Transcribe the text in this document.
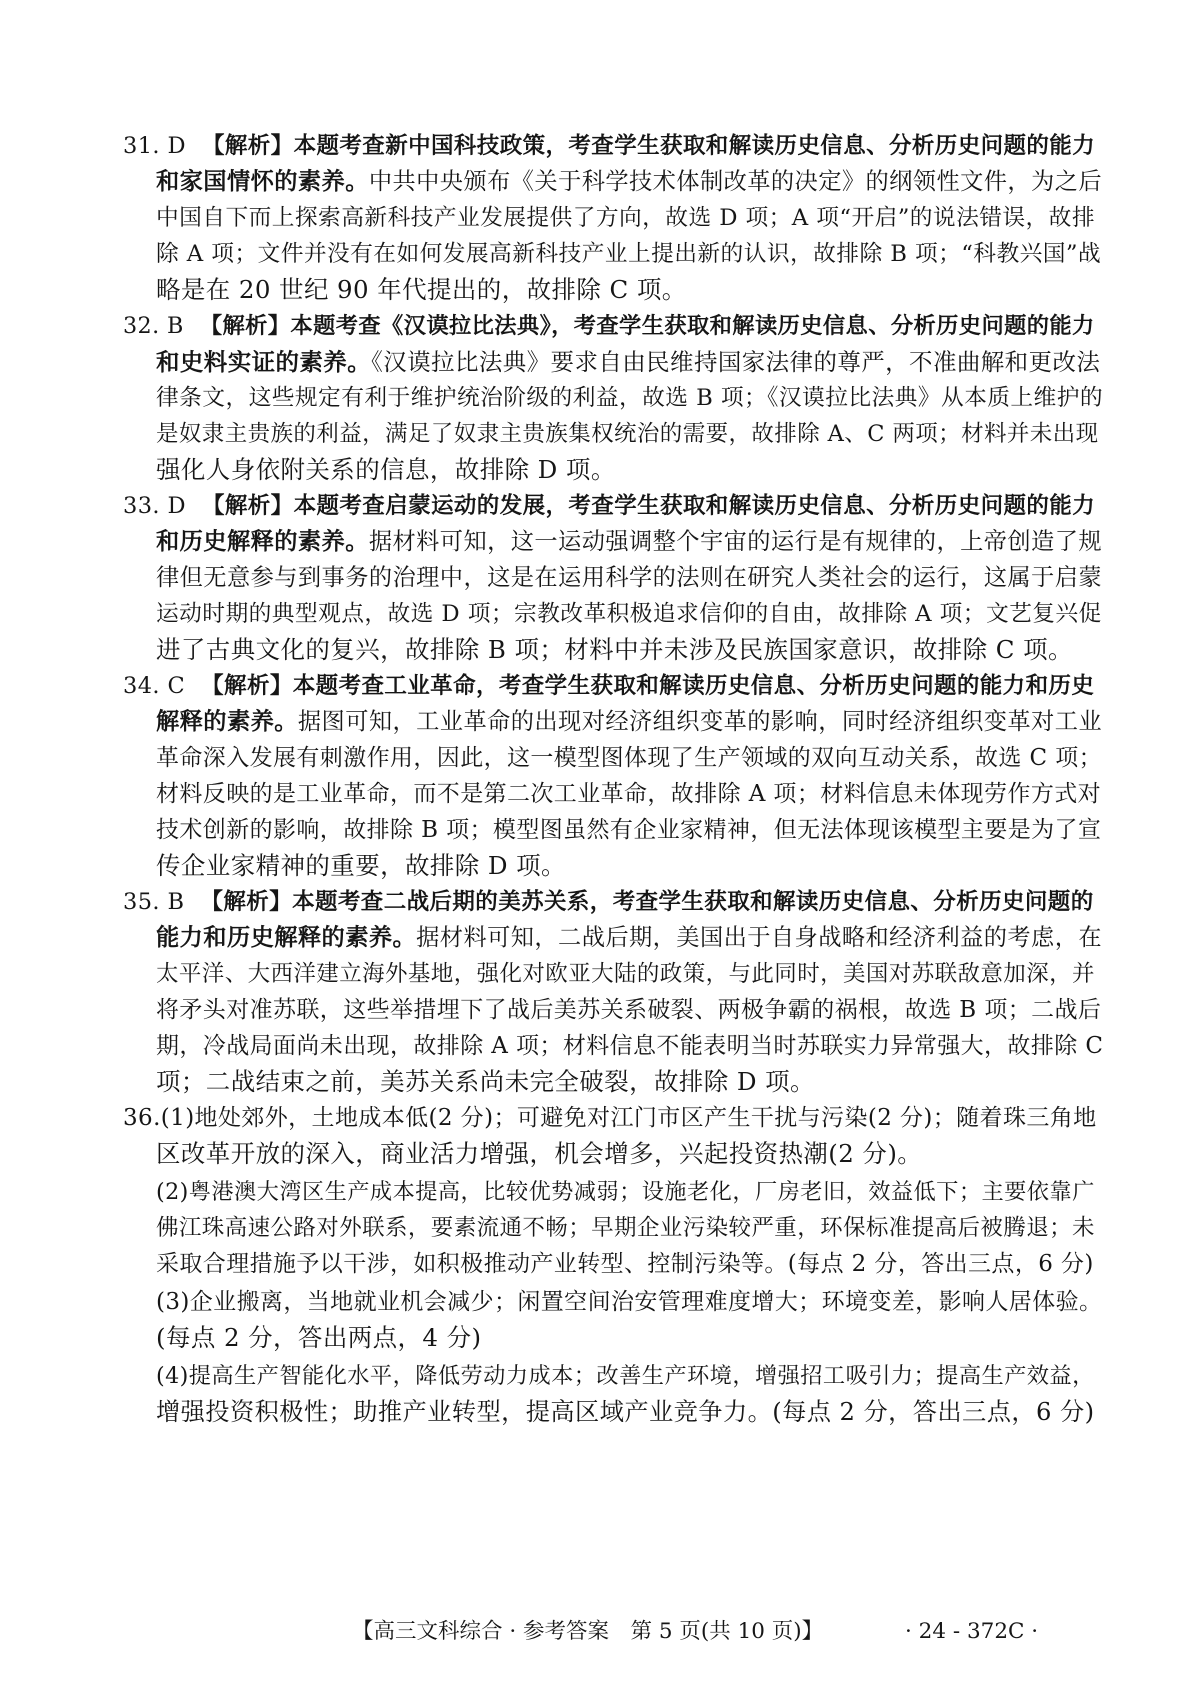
31. D 【解析】本题考查新中国科技政策，考查学生获取和解读历史信息、分析历史问题的能力
和家国情怀的素养。中共中央颁布《关于科学技术体制改革的决定》的纲领性文件，为之后
中国自下而上探索高新科技产业发展提供了方向，故选 D 项；A 项“开启”的说法错误，故排
除 A 项；文件并没有在如何发展高新科技产业上提出新的认识，故排除 B 项；“科教兴国”战
略是在 20 世纪 90 年代提出的，故排除 C 项。
32. B 【解析】本题考查《汉谟拉比法典》，考查学生获取和解读历史信息、分析历史问题的能力
和史料实证的素养。《汉谟拉比法典》要求自由民维持国家法律的尊严，不准曲解和更改法
律条文，这些规定有利于维护统治阶级的利益，故选 B 项；《汉谟拉比法典》从本质上维护的
是奴隶主贵族的利益，满足了奴隶主贵族集权统治的需要，故排除 A、C 两项；材料并未出现
强化人身依附关系的信息，故排除 D 项。
33. D 【解析】本题考查启蒙运动的发展，考查学生获取和解读历史信息、分析历史问题的能力
和历史解释的素养。据材料可知，这一运动强调整个宇宙的运行是有规律的，上帝创造了规
律但无意参与到事务的治理中，这是在运用科学的法则在研究人类社会的运行，这属于启蒙
运动时期的典型观点，故选 D 项；宗教改革积极追求信仰的自由，故排除 A 项；文艺复兴促
进了古典文化的复兴，故排除 B 项；材料中并未涉及民族国家意识，故排除 C 项。
34. C 【解析】本题考查工业革命，考查学生获取和解读历史信息、分析历史问题的能力和历史
解释的素养。据图可知，工业革命的出现对经济组织变革的影响，同时经济组织变革对工业
革命深入发展有刺激作用，因此，这一模型图体现了生产领域的双向互动关系，故选 C 项；
材料反映的是工业革命，而不是第二次工业革命，故排除 A 项；材料信息未体现劳作方式对
技术创新的影响，故排除 B 项；模型图虽然有企业家精神，但无法体现该模型主要是为了宣
传企业家精神的重要，故排除 D 项。
35. B 【解析】本题考查二战后期的美苏关系，考查学生获取和解读历史信息、分析历史问题的
能力和历史解释的素养。据材料可知，二战后期，美国出于自身战略和经济利益的考虑，在
太平洋、大西洋建立海外基地，强化对欧亚大陆的政策，与此同时，美国对苏联敌意加深，并
将矛头对准苏联，这些举措埋下了战后美苏关系破裂、两极争霸的祸根，故选 B 项；二战后
期，冷战局面尚未出现，故排除 A 项；材料信息不能表明当时苏联实力异常强大，故排除 C
项；二战结束之前，美苏关系尚未完全破裂，故排除 D 项。
36.(1)地处郊外，土地成本低(2 分)；可避免对江门市区产生干扰与污染(2 分)；随着珠三角地
区改革开放的深入，商业活力增强，机会增多，兴起投资热潮(2 分)。
(2)粤港澳大湾区生产成本提高，比较优势减弱；设施老化，厂房老旧，效益低下；主要依靠广
佛江珠高速公路对外联系，要素流通不畅；早期企业污染较严重，环保标准提高后被腾退；未
采取合理措施予以干涉，如积极推动产业转型、控制污染等。(每点 2 分，答出三点，6 分)
(3)企业搬离，当地就业机会减少；闲置空间治安管理难度增大；环境变差，影响人居体验。
(每点 2 分，答出两点，4 分)
(4)提高生产智能化水平，降低劳动力成本；改善生产环境，增强招工吸引力；提高生产效益，
增强投资积极性；助推产业转型，提高区域产业竞争力。(每点 2 分，答出三点，6 分)
【高三文科综合 · 参考答案　第 5 页(共 10 页)】	· 24 - 372C ·
